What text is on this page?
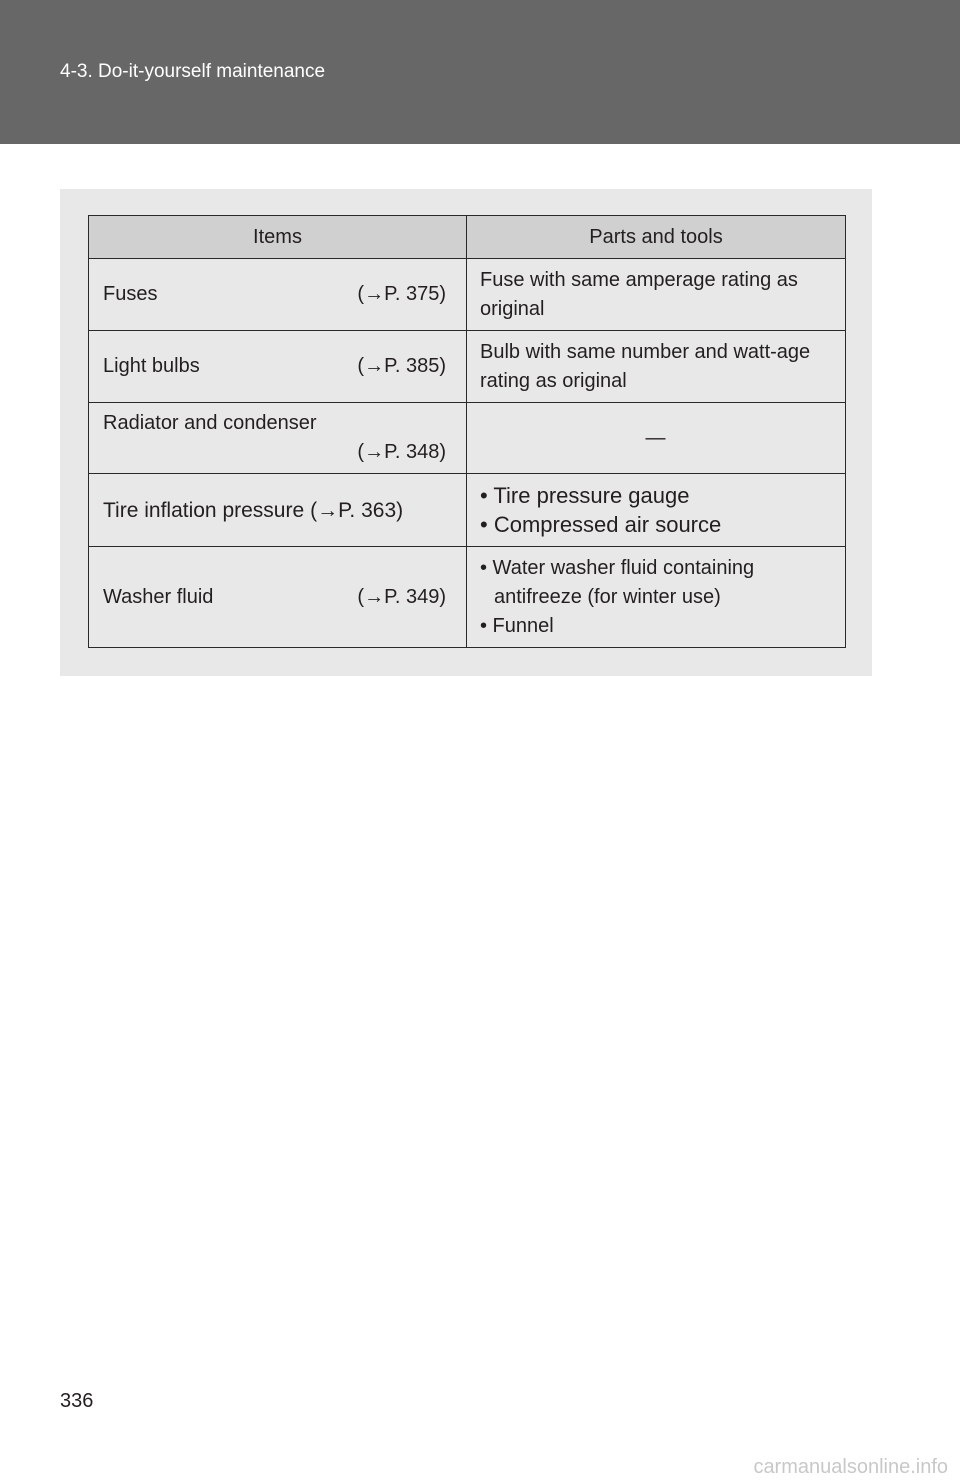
4-3. Do-it-yourself maintenance
Items	Parts and tools

Fuses (→P. 375)	Fuse with same amperage rating as original

Light bulbs (→P. 385)	Bulb with same number and watt-age rating as original

Radiator and condenser
(→P. 348)	—

Tire inflation pressure (→P. 363)	• Tire pressure gauge
• Compressed air source

Washer fluid (→P. 349)	• Water washer fluid containing antifreeze (for winter use)
• Funnel
336
carmanualsonline.info
